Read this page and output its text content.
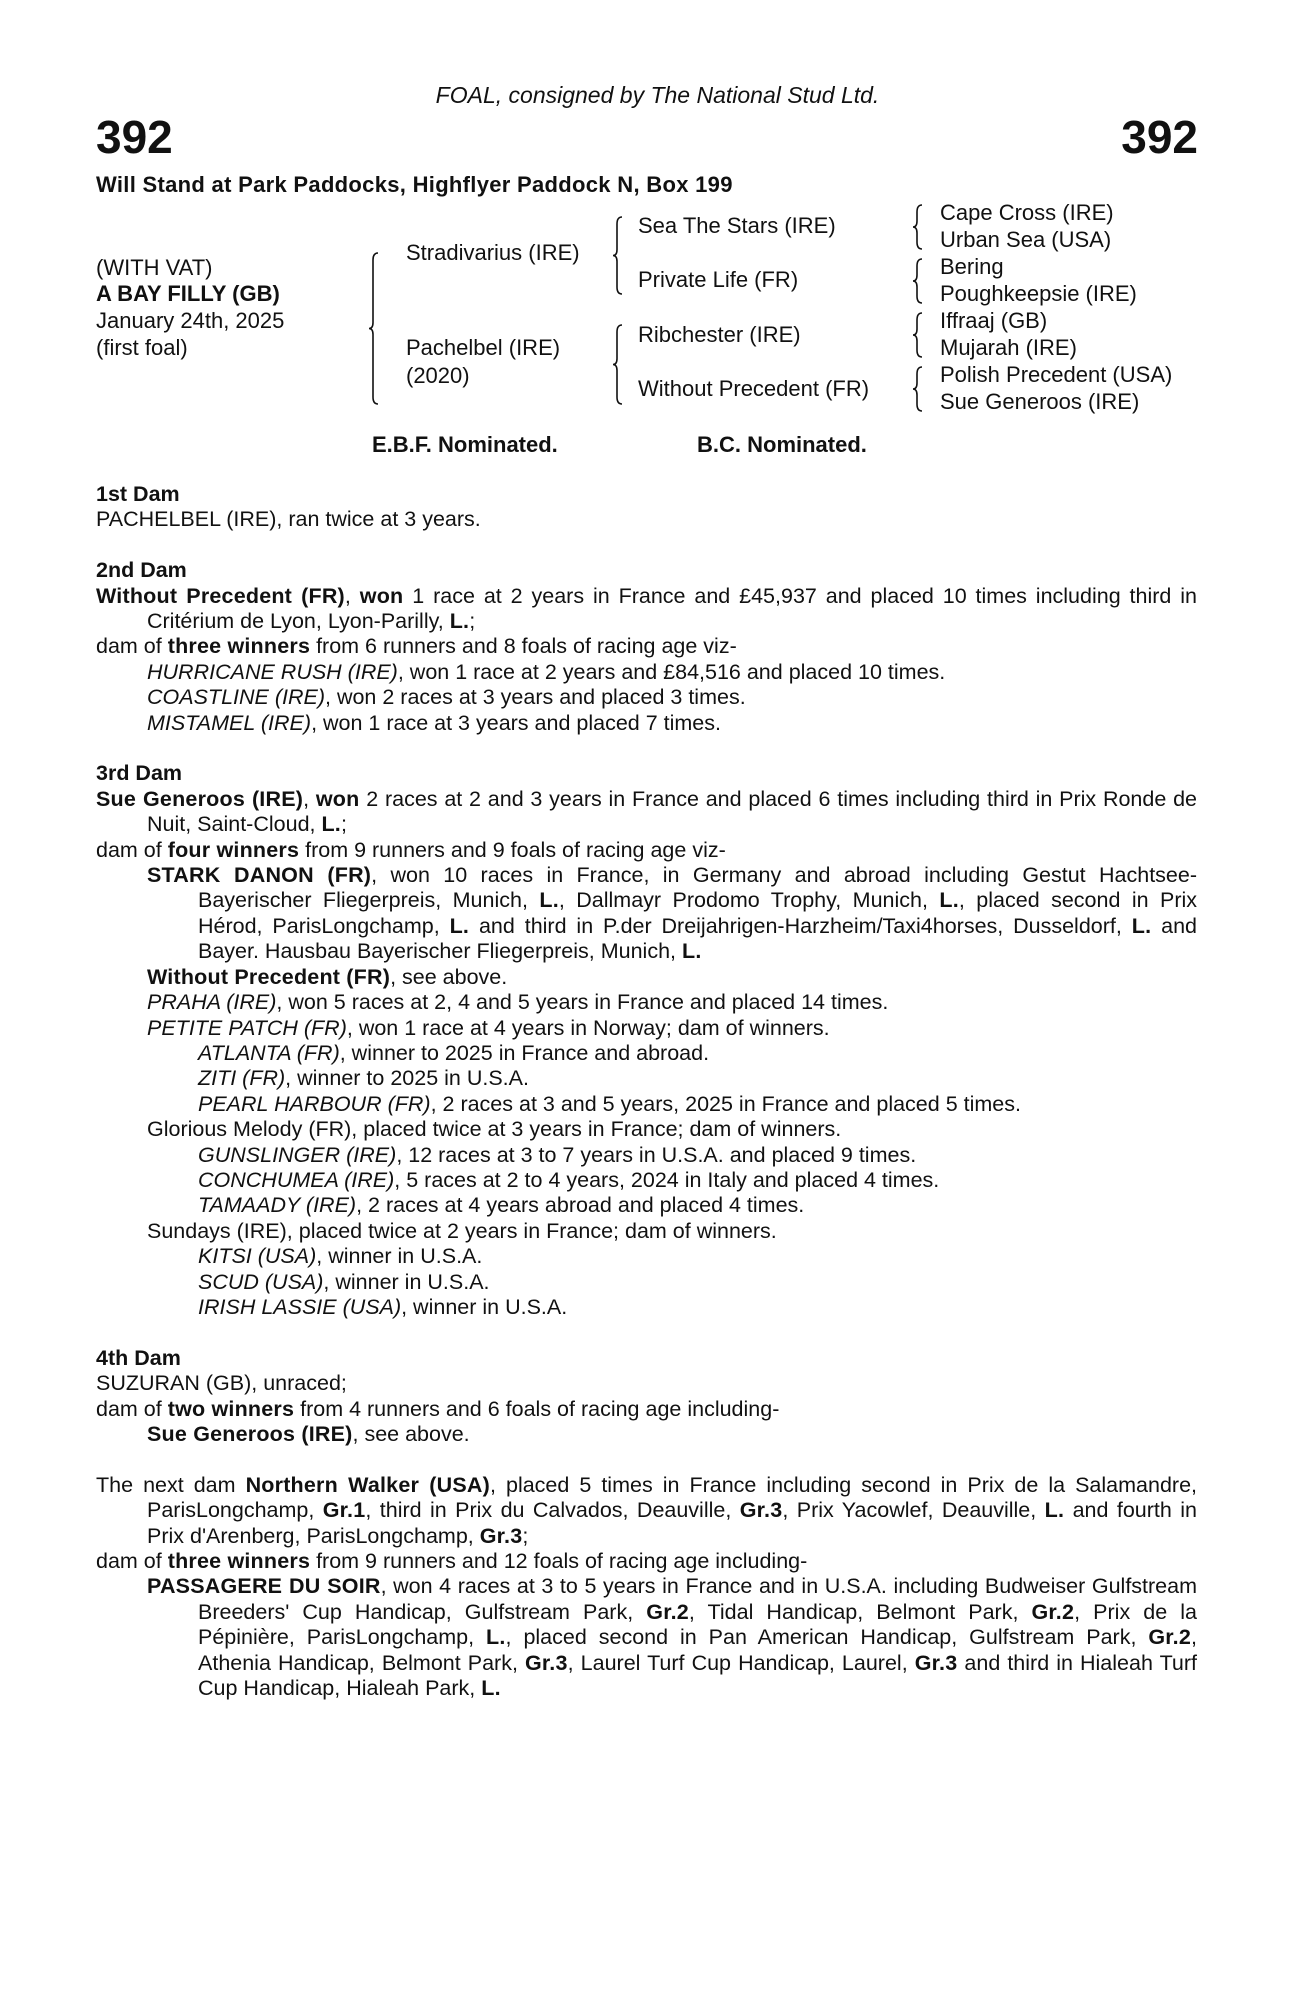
FOAL, consigned by The National Stud Ltd.
392	392
Will Stand at Park Paddocks, Highflyer Paddock N, Box 199
(WITH VAT)
A BAY FILLY (GB)
January 24th, 2025
(first foal)
Stradivarius (IRE)
Pachelbel (IRE)
(2020)
Sea The Stars (IRE)
Private Life (FR)
Ribchester (IRE)
Without Precedent (FR)
Cape Cross (IRE)
Urban Sea (USA)
Bering
Poughkeepsie (IRE)
Iffraaj (GB)
Mujarah (IRE)
Polish Precedent (USA)
Sue Generoos (IRE)
E.B.F. Nominated.	B.C. Nominated.
1st Dam
PACHELBEL (IRE), ran twice at 3 years.
2nd Dam
Without Precedent (FR), won 1 race at 2 years in France and £45,937 and placed 10 times including third in Critérium de Lyon, Lyon-Parilly, L.;
dam of three winners from 6 runners and 8 foals of racing age viz-
HURRICANE RUSH (IRE), won 1 race at 2 years and £84,516 and placed 10 times.
COASTLINE (IRE), won 2 races at 3 years and placed 3 times.
MISTAMEL (IRE), won 1 race at 3 years and placed 7 times.
3rd Dam
Sue Generoos (IRE), won 2 races at 2 and 3 years in France and placed 6 times including third in Prix Ronde de Nuit, Saint-Cloud, L.;
dam of four winners from 9 runners and 9 foals of racing age viz-
STARK DANON (FR), won 10 races in France, in Germany and abroad including Gestut Hachtsee-Bayerischer Fliegerpreis, Munich, L., Dallmayr Prodomo Trophy, Munich, L., placed second in Prix Hérod, ParisLongchamp, L. and third in P.der Dreijahrigen-Harzheim/Taxi4horses, Dusseldorf, L. and Bayer. Hausbau Bayerischer Fliegerpreis, Munich, L.
Without Precedent (FR), see above.
PRAHA (IRE), won 5 races at 2, 4 and 5 years in France and placed 14 times.
PETITE PATCH (FR), won 1 race at 4 years in Norway; dam of winners.
ATLANTA (FR), winner to 2025 in France and abroad.
ZITI (FR), winner to 2025 in U.S.A.
PEARL HARBOUR (FR), 2 races at 3 and 5 years, 2025 in France and placed 5 times.
Glorious Melody (FR), placed twice at 3 years in France; dam of winners.
GUNSLINGER (IRE), 12 races at 3 to 7 years in U.S.A. and placed 9 times.
CONCHUMEA (IRE), 5 races at 2 to 4 years, 2024 in Italy and placed 4 times.
TAMAADY (IRE), 2 races at 4 years abroad and placed 4 times.
Sundays (IRE), placed twice at 2 years in France; dam of winners.
KITSI (USA), winner in U.S.A.
SCUD (USA), winner in U.S.A.
IRISH LASSIE (USA), winner in U.S.A.
4th Dam
SUZURAN (GB), unraced;
dam of two winners from 4 runners and 6 foals of racing age including-
Sue Generoos (IRE), see above.
The next dam Northern Walker (USA), placed 5 times in France including second in Prix de la Salamandre, ParisLongchamp, Gr.1, third in Prix du Calvados, Deauville, Gr.3, Prix Yacowlef, Deauville, L. and fourth in Prix d'Arenberg, ParisLongchamp, Gr.3;
dam of three winners from 9 runners and 12 foals of racing age including-
PASSAGERE DU SOIR, won 4 races at 3 to 5 years in France and in U.S.A. including Budweiser Gulfstream Breeders' Cup Handicap, Gulfstream Park, Gr.2, Tidal Handicap, Belmont Park, Gr.2, Prix de la Pépinière, ParisLongchamp, L., placed second in Pan American Handicap, Gulfstream Park, Gr.2, Athenia Handicap, Belmont Park, Gr.3, Laurel Turf Cup Handicap, Laurel, Gr.3 and third in Hialeah Turf Cup Handicap, Hialeah Park, L.
